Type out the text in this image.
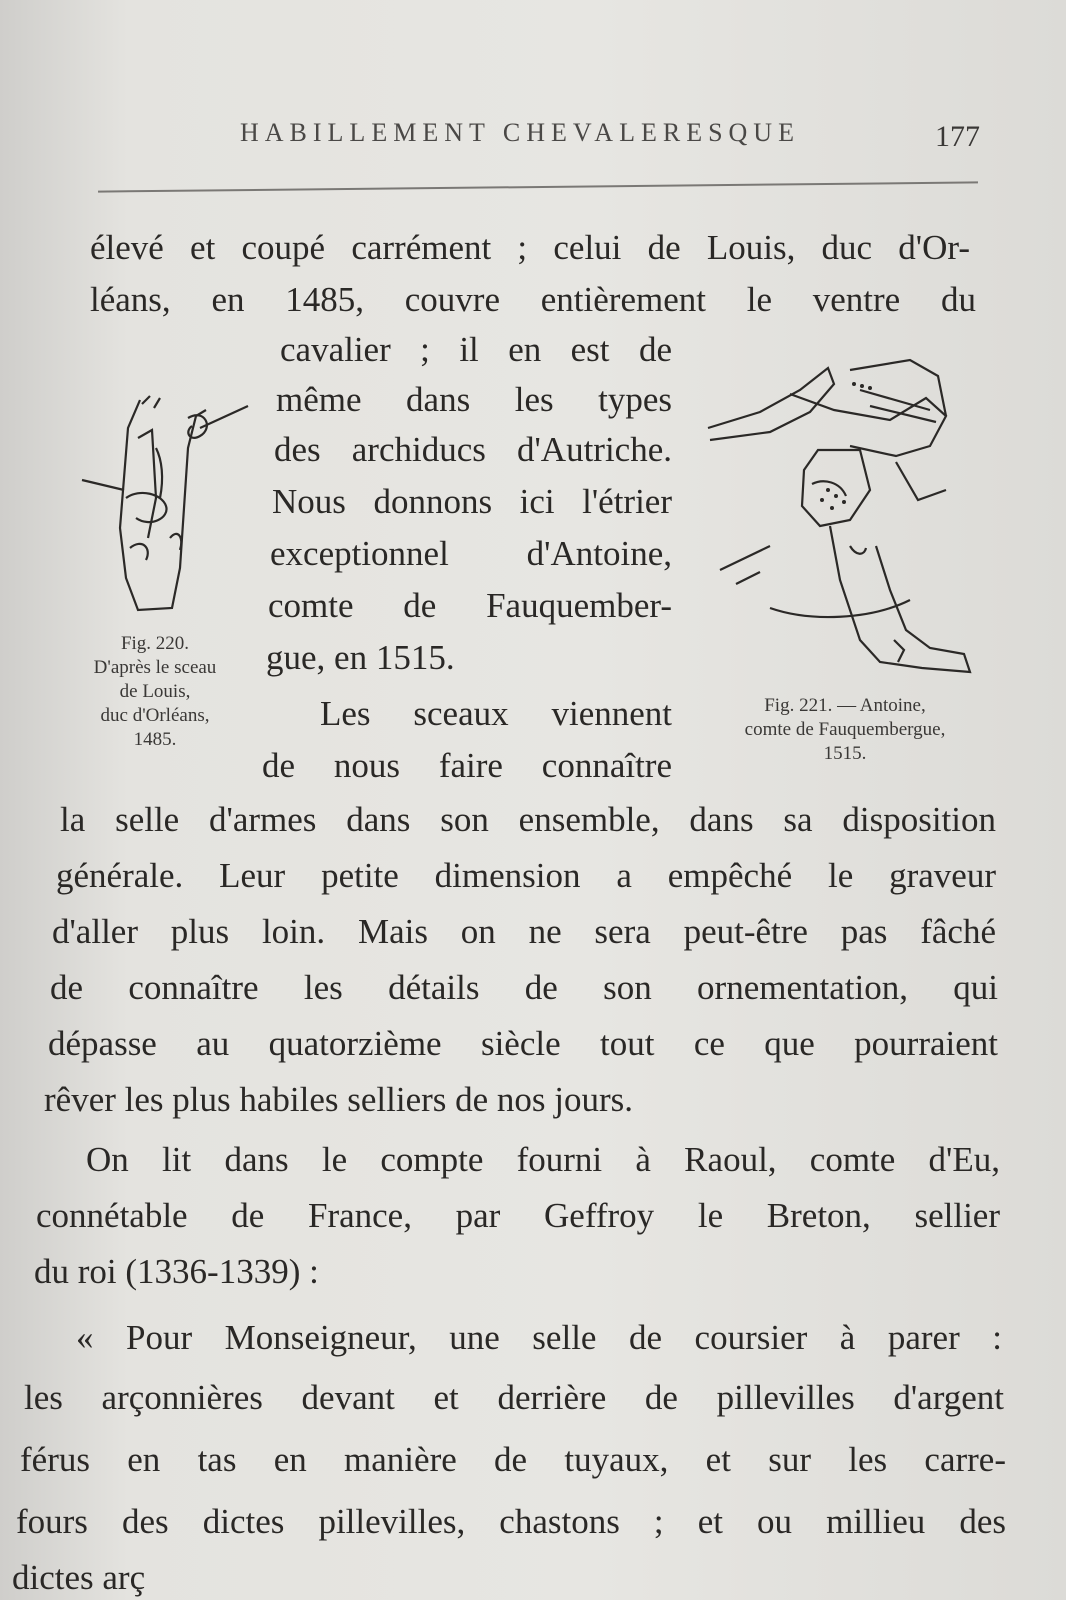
HABILLEMENT CHEVALERESQUE	177
élevé et coupé carrément ; celui de Louis, duc d'Or-
léans, en 1485, couvre entièrement le ventre du
cavalier ; il en est de
même dans les types
des archiducs d'Autriche.
Nous donnons ici l'étrier
exceptionnel d'Antoine,
comte de Fauquember-
gue, en 1515.
Les sceaux viennent
de nous faire connaître
Fig. 220.
D'après le sceau
de Louis,
duc d'Orléans,
1485.
Fig. 221. — Antoine,
comte de Fauquembergue,
1515.
la selle d'armes dans son ensemble, dans sa disposition
générale. Leur petite dimension a empêché le graveur
d'aller plus loin. Mais on ne sera peut-être pas fâché
de connaître les détails de son ornementation, qui
dépasse au quatorzième siècle tout ce que pourraient
rêver les plus habiles selliers de nos jours.
On lit dans le compte fourni à Raoul, comte d'Eu,
connétable de France, par Geffroy le Breton, sellier
du roi (1336-1339) :
« Pour Monseigneur, une selle de coursier à parer :
les arçonnières devant et derrière de pillevilles d'argent
férus en tas en manière de tuyaux, et sur les carre-
fours des dictes pillevilles, chastons ; et ou millieu des
dictes arç
